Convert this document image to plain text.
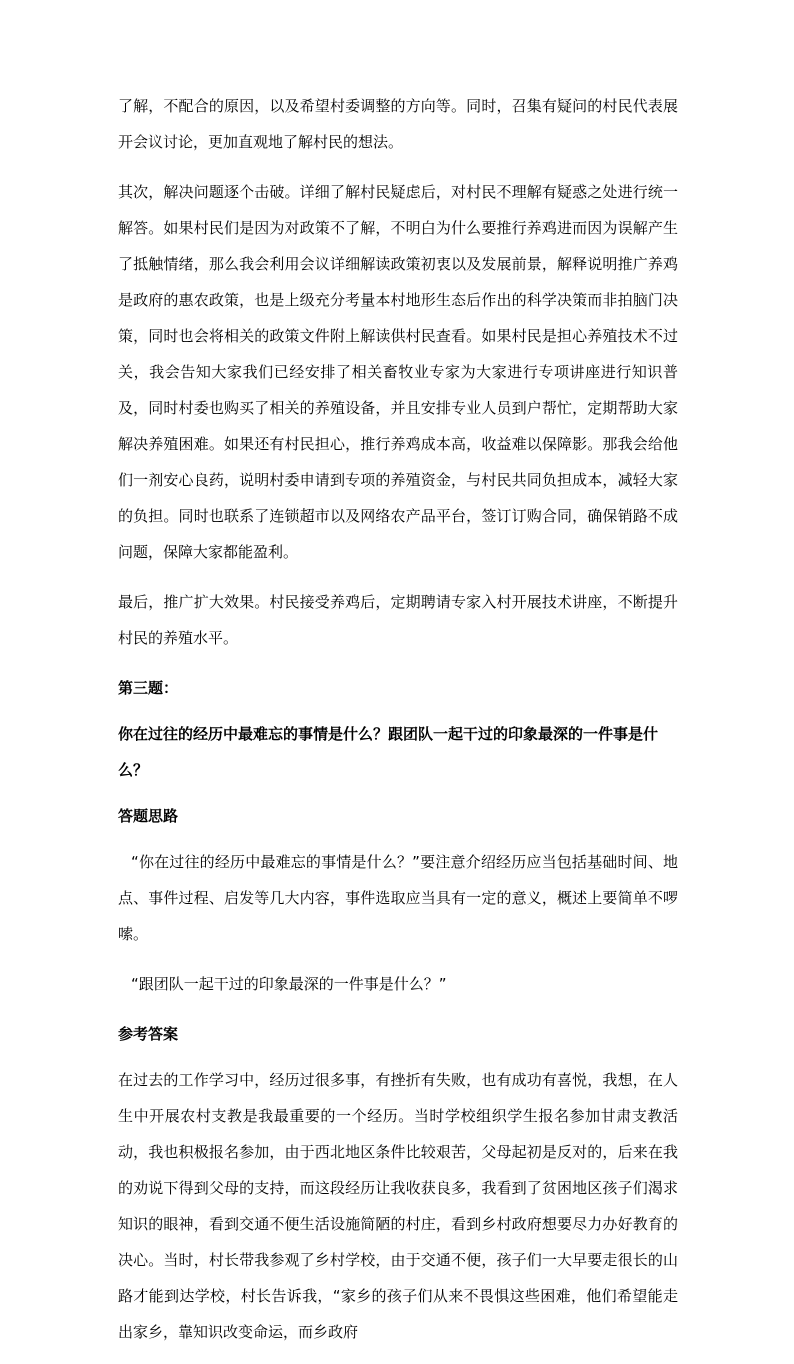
了解，不配合的原因，以及希望村委调整的方向等。同时，召集有疑问的村民代表展开会议讨论，更加直观地了解村民的想法。

其次，解决问题逐个击破。详细了解村民疑虑后，对村民不理解有疑惑之处进行统一解答。如果村民们是因为对政策不了解，不明白为什么要推行养鸡进而因为误解产生了抵触情绪，那么我会利用会议详细解读政策初衷以及发展前景，解释说明推广养鸡是政府的惠农政策，也是上级充分考量本村地形生态后作出的科学决策而非拍脑门决策，同时也会将相关的政策文件附上解读供村民查看。如果村民是担心养殖技术不过关，我会告知大家我们已经安排了相关畜牧业专家为大家进行专项讲座进行知识普及，同时村委也购买了相关的养殖设备，并且安排专业人员到户帮忙，定期帮助大家解决养殖困难。如果还有村民担心，推行养鸡成本高，收益难以保障影。那我会给他们一剂安心良药，说明村委申请到专项的养殖资金，与村民共同负担成本，减轻大家的负担。同时也联系了连锁超市以及网络农产品平台，签订订购合同，确保销路不成问题，保障大家都能盈利。

最后，推广扩大效果。村民接受养鸡后，定期聘请专家入村开展技术讲座，不断提升村民的养殖水平。

第三题：

你在过往的经历中最难忘的事情是什么？跟团队一起干过的印象最深的一件事是什么？

答题思路

“你在过往的经历中最难忘的事情是什么？”要注意介绍经历应当包括基础时间、地点、事件过程、启发等几大内容，事件选取应当具有一定的意义，概述上要简单不啰嗦。

“跟团队一起干过的印象最深的一件事是什么？”

参考答案

在过去的工作学习中，经历过很多事，有挫折有失败，也有成功有喜悦，我想，在人生中开展农村支教是我最重要的一个经历。当时学校组织学生报名参加甘肃支教活动，我也积极报名参加，由于西北地区条件比较艰苦，父母起初是反对的，后来在我的劝说下得到父母的支持，而这段经历让我收获良多，我看到了贫困地区孩子们渴求知识的眼神，看到交通不便生活设施简陋的村庄，看到乡村政府想要尽力办好教育的决心。当时，村长带我参观了乡村学校，由于交通不便，孩子们一大早要走很长的山路才能到达学校，村长告诉我，“家乡的孩子们从来不畏惧这些困难，他们希望能走出家乡，靠知识改变命运，而乡政府
